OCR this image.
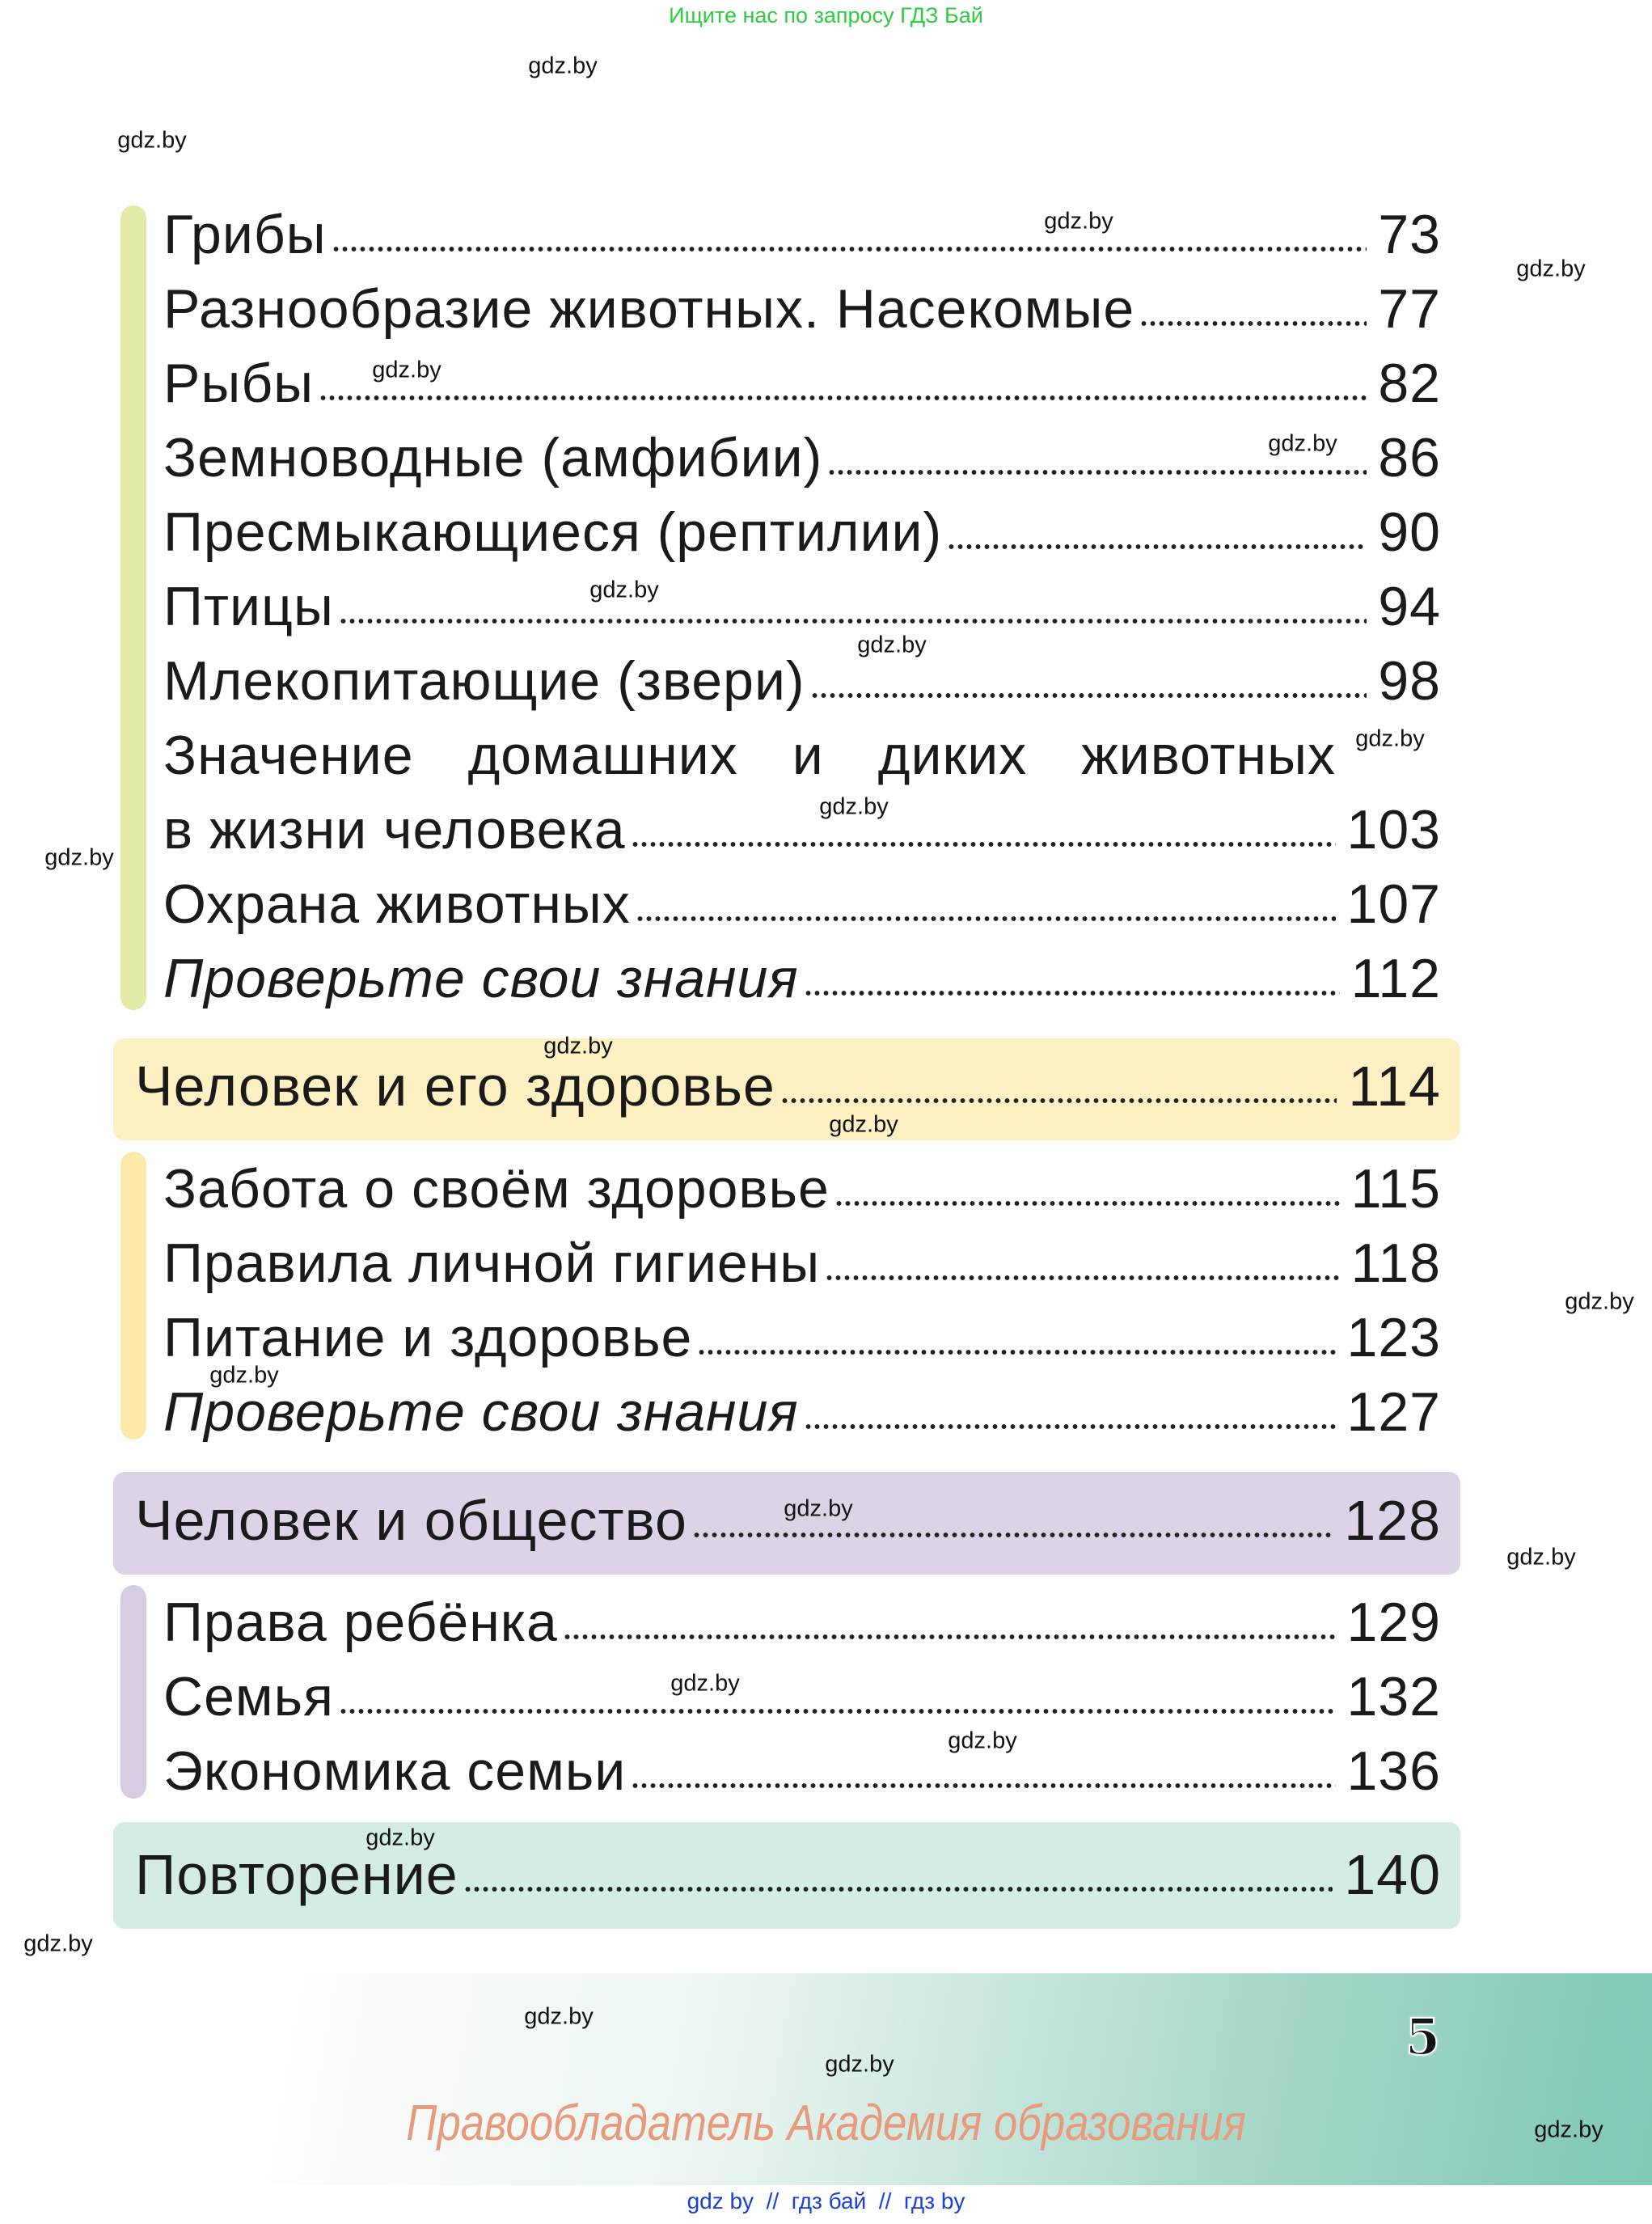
Ищите нас по запросу ГДЗ Бай
Грибы	73
Разнообразие животных. Насекомые	77
Рыбы	82
Земноводные (амфибии)	86
Пресмыкающиеся (рептилии)	90
Птицы	94
Млекопитающие (звери)	98
Значение домашних и диких животных
в жизни человека	103
Охрана животных	107
Проверьте свои знания	112
Человек и его здоровье	114
Забота о своём здоровье	115
Правила личной гигиены	118
Питание и здоровье	123
Проверьте свои знания	127
Человек и общество	128
Права ребёнка	129
Семья	132
Экономика семьи	136
Повторение	140
5
Правообладатель Академия образования
gdz by  //  гдз бай  //  гдз by
gdz.by
gdz.by
gdz.by
gdz.by
gdz.by
gdz.by
gdz.by
gdz.by
gdz.by
gdz.by
gdz.by
gdz.by
gdz.by
gdz.by
gdz.by
gdz.by
gdz.by
gdz.by
gdz.by
gdz.by
gdz.by
gdz.by
gdz.by
gdz.by
